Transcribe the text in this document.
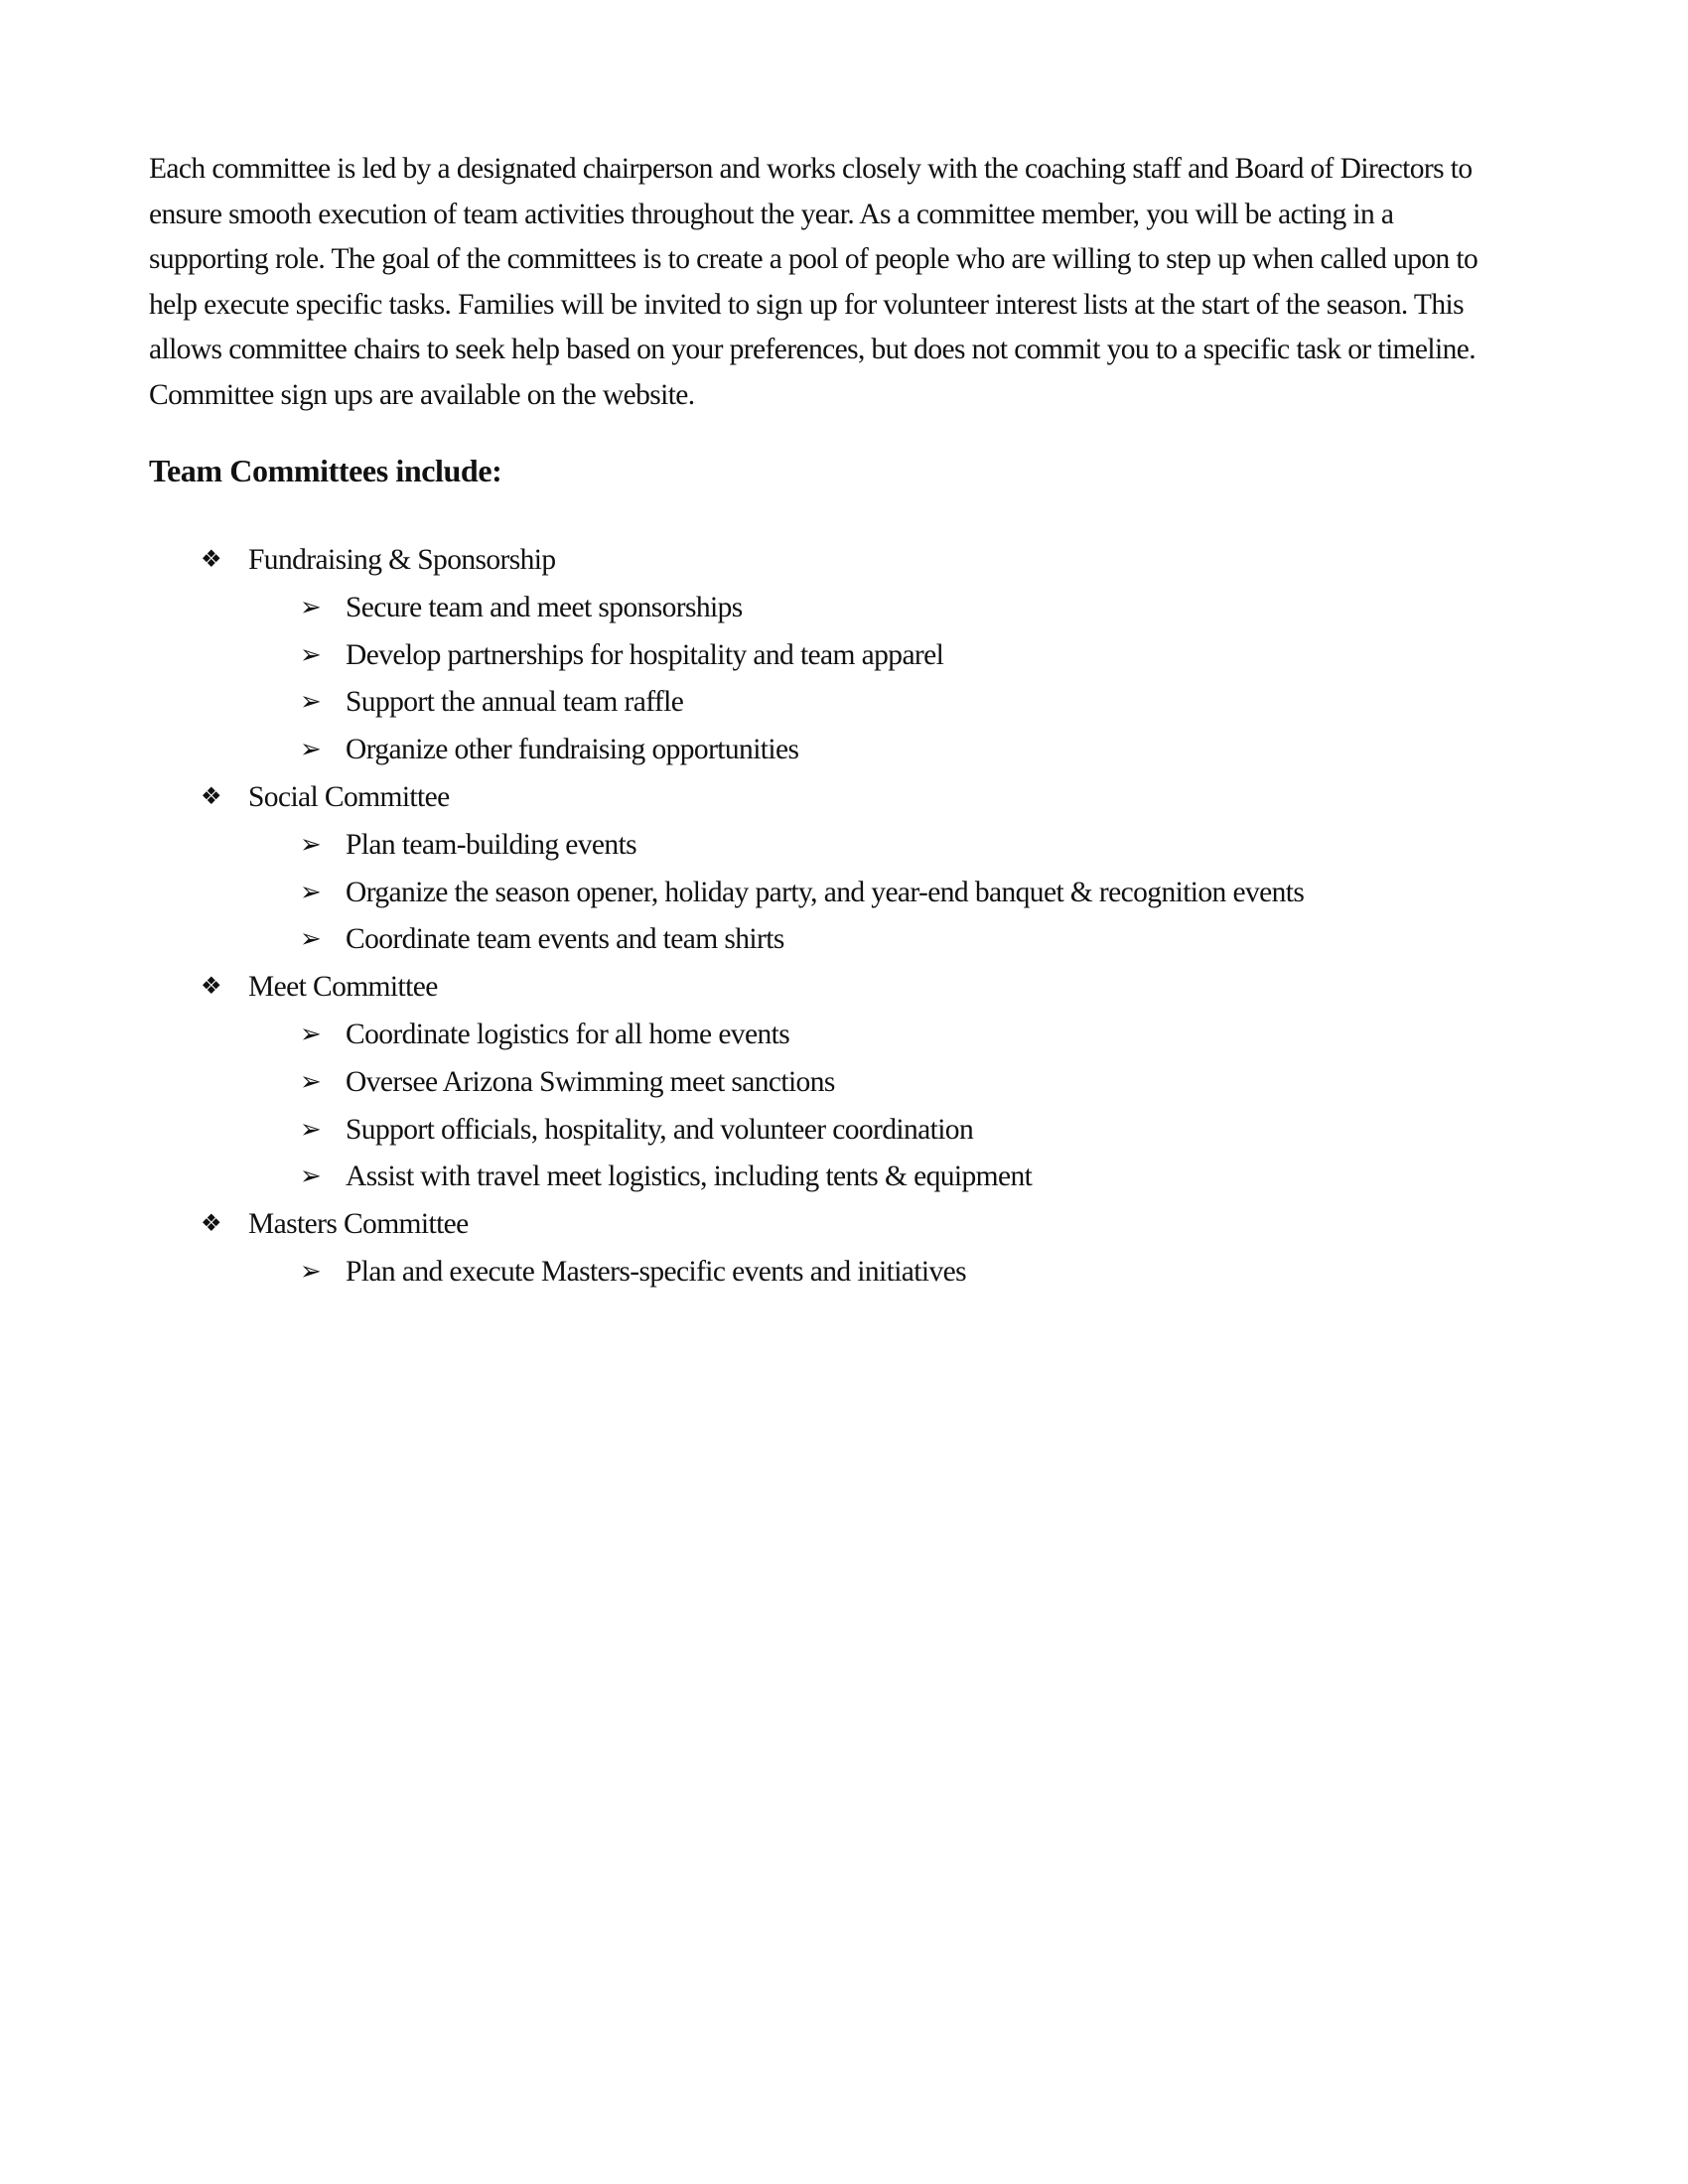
Each committee is led by a designated chairperson and works closely with the coaching staff and Board of Directors to
ensure smooth execution of team activities throughout the year. As a committee member, you will be acting in a
supporting role. The goal of the committees is to create a pool of people who are willing to step up when called upon to
help execute specific tasks. Families will be invited to sign up for volunteer interest lists at the start of the season. This
allows committee chairs to seek help based on your preferences, but does not commit you to a specific task or timeline.
Committee sign ups are available on the website.

Team Committees include:
❖ Fundraising & Sponsorship
➢ Secure team and meet sponsorships
➢ Develop partnerships for hospitality and team apparel
➢ Support the annual team raffle
➢ Organize other fundraising opportunities
❖ Social Committee
➢ Plan team-building events
➢ Organize the season opener, holiday party, and year-end banquet & recognition events
➢ Coordinate team events and team shirts
❖ Meet Committee
➢ Coordinate logistics for all home events
➢ Oversee Arizona Swimming meet sanctions
➢ Support officials, hospitality, and volunteer coordination
➢ Assist with travel meet logistics, including tents & equipment
❖ Masters Committee
➢ Plan and execute Masters-specific events and initiatives
